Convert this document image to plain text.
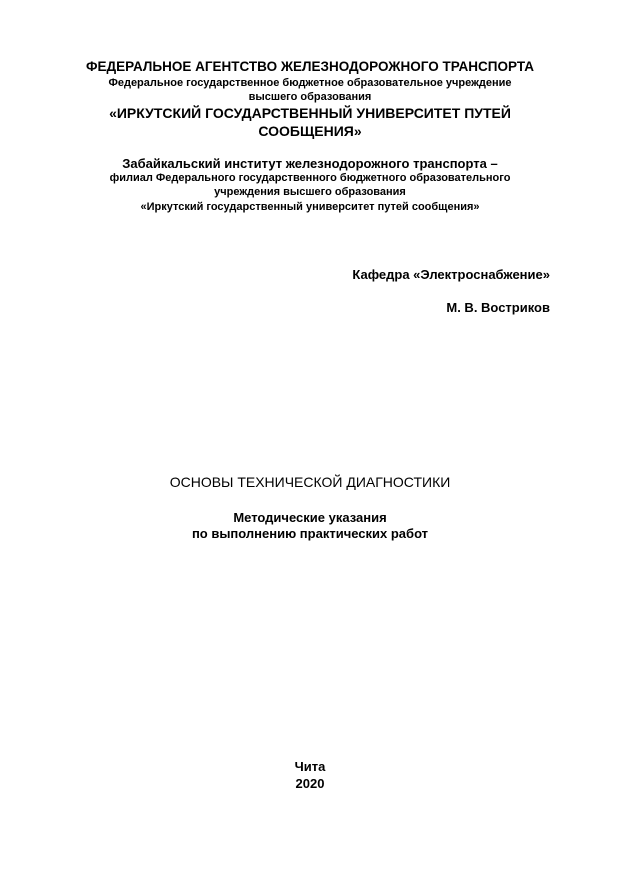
ФЕДЕРАЛЬНОЕ АГЕНТСТВО ЖЕЛЕЗНОДОРОЖНОГО ТРАНСПОРТА
Федеральное государственное бюджетное образовательное учреждение
высшего образования
«ИРКУТСКИЙ ГОСУДАРСТВЕННЫЙ УНИВЕРСИТЕТ ПУТЕЙ
СООБЩЕНИЯ»
Забайкальский институт железнодорожного транспорта –
филиал Федерального государственного бюджетного образовательного
учреждения высшего образования
«Иркутский государственный университет путей сообщения»
Кафедра «Электроснабжение»
М. В. Востриков
ОСНОВЫ ТЕХНИЧЕСКОЙ ДИАГНОСТИКИ
Методические указания
по выполнению практических работ
Чита
2020
